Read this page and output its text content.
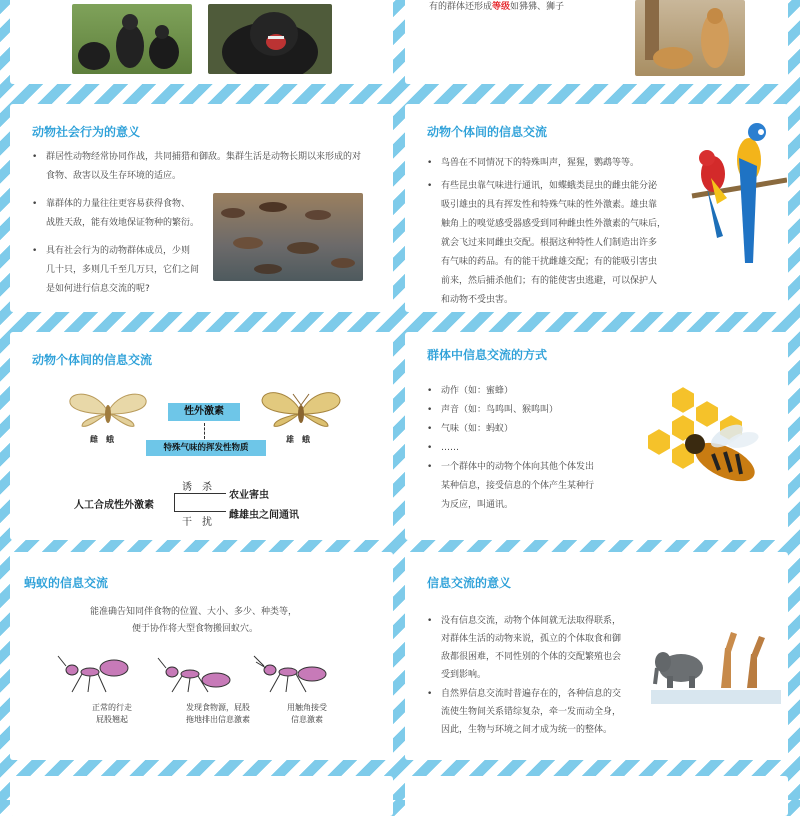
有的群体还形成等级如狒狒、狮子
动物社会行为的意义
• 群居性动物经常协同作战，共同捕猎和御敌。集群生活是动物长期以来形成的对
食物、敌害以及生存环境的适应。
• 靠群体的力量往往更容易获得食物、
战胜天敌，能有效地保证物种的繁衍。
• 具有社会行为的动物群体成员，少则
几十只，多则几千至几万只，它们之间
是如何进行信息交流的呢?
动物个体间的信息交流
• 鸟兽在不同情况下的特殊叫声，猩猩，鹦鹉等等。
• 有些昆虫靠气味进行通讯，如蝶蛾类昆虫的雌虫能分泌
吸引雄虫的具有挥发性和特殊气味的性外激素。雄虫靠
触角上的嗅觉感受器感受到同种雌虫性外激素的气味后，
就会飞过来同雌虫交配。根据这种特性人们制造出许多
有气味的药品。有的能干扰雌雄交配；有的能吸引害虫
前来，然后捕杀他们；有的能使害虫逃避，可以保护人
和动物不受虫害。
动物个体间的信息交流
雌　蛾
性外激素
特殊气味的挥发性物质
雄　蛾
人工合成性外激素
诱　杀
干　扰
农业害虫
雌雄虫之间通讯
群体中信息交流的方式
• 动作（如：蜜蜂）
• 声音（如：鸟鸣叫、猴鸣叫）
• 气味（如：蚂蚁）
• ……
• 一个群体中的动物个体向其他个体发出
某种信息，接受信息的个体产生某种行
为反应，叫通讯。
蚂蚁的信息交流
能准确告知同伴食物的位置、大小、多少、种类等，
便于协作将大型食物搬回蚁穴。
正常的行走
屁股翘起
发现食物源，屁股
拖地排出信息激素
用触角接受
信息激素
信息交流的意义
• 没有信息交流，动物个体间就无法取得联系，
对群体生活的动物来说，孤立的个体取食和御
敌都很困难，不同性别的个体的交配繁殖也会
受到影响。
• 自然界信息交流时普遍存在的，各种信息的交
流使生物间关系错综复杂，牵一发而动全身，
因此，生物与环境之间才成为统一的整体。
